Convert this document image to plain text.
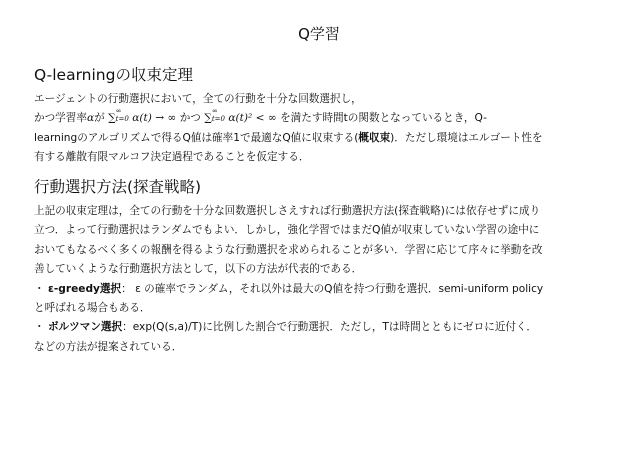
Q学習
Q-learningの収束定理

エージェントの行動選択において，全ての行動を十分な回数選択し，
かつ学習率αが ∑∞
t=0 α(t) → ∞ かつ ∑∞
t=0 α(t)² < ∞ を満たす時間tの関数となっているとき，Q-
learningのアルゴリズムで得るQ値は確率1で最適なQ値に収束する(概収束)．ただし環境はエルゴート性を
有する離散有限マルコフ決定過程であることを仮定する．

行動選択方法(探査戦略)

上記の収束定理は，全ての行動を十分な回数選択しさえすれば行動選択方法(探査戦略)には依存せずに成り
立つ．よって行動選択はランダムでもよい．しかし，強化学習ではまだQ値が収束していない学習の途中に
おいてもなるべく多くの報酬を得るような行動選択を求められることが多い．学習に応じて序々に挙動を改
善していくような行動選択方法として，以下の方法が代表的である．
・ ε-greedy選択： ε の確率でランダム，それ以外は最大のQ値を持つ行動を選択．semi-uniform policy
と呼ばれる場合もある．
・ ボルツマン選択：exp(Q(s,a)/T)に比例した割合で行動選択．ただし，Tは時間とともにゼロに近付く．
などの方法が提案されている．
